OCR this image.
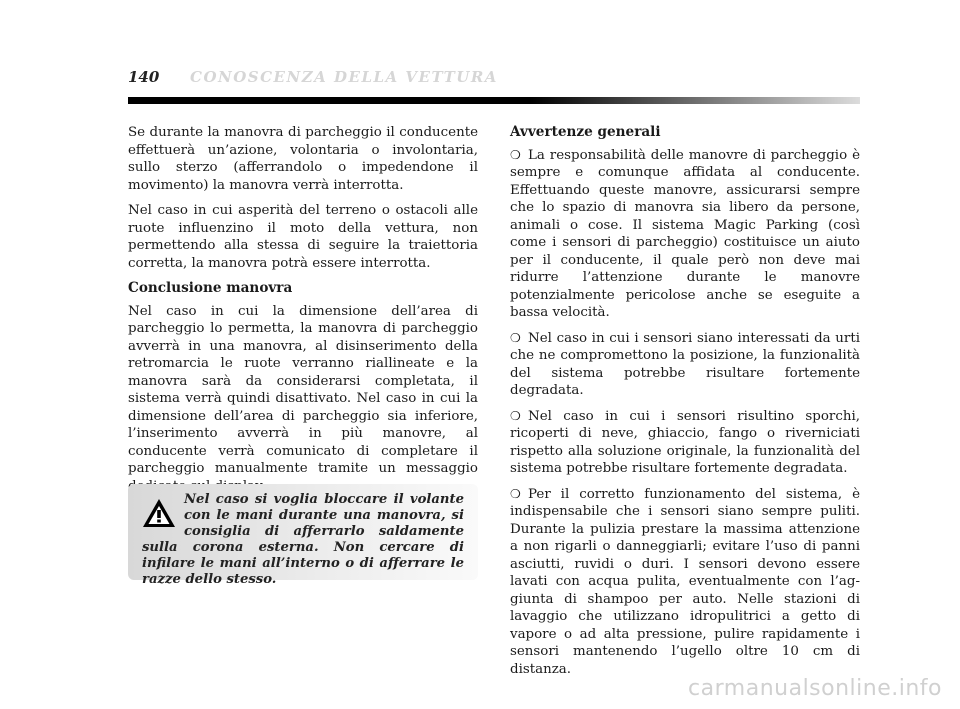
140 CONOSCENZA DELLA VETTURA

Se durante la manovra di parcheggio il conducente effettuerà un’azione, volontaria o involontaria, sullo sterzo (afferrandolo o impedendone il movimento) la manovra verrà interrotta.

Nel caso in cui asperità del terreno o ostacoli alle ruote influenzino il moto della vettura, non permettendo alla stessa di seguire la traiettoria corretta, la manovra potrà essere interrotta.

Conclusione manovra

Nel caso in cui la dimensione dell’area di parcheggio lo permetta, la manovra di parcheggio avverrà in una manovra, al disinserimento della retromarcia le ruote verranno riallineate e la manovra sarà da considerarsi completata, il sistema verrà quindi disattivato. Nel caso in cui la dimensione dell’area di parcheggio sia inferiore, l’inserimento avverrà in più manovre, al conducente verrà comunicato di completare il parcheggio manualmente tramite un messaggio

Nel caso si voglia bloccare il volante con le mani durante una manovra, si consiglia di afferrarlo saldamente sulla corona esterna. Non cercare di infilare le mani all’interno o di afferrare le razze dello stesso.
Avvertenze generali

❍ La responsabilità delle manovre di parcheggio è sempre e comunque affidata al conducente. Effettuando queste manovre, assicurarsi sempre che lo spazio di manovra sia libero da persone, animali o cose. Il sistema Magic Parking (così come i sensori di parcheggio) costituisce un aiuto per il conducente, il quale però non deve mai ridurre l’attenzione durante le manovre potenzialmente pericolose anche se eseguite a bassa velocità.

❍ Nel caso in cui i sensori siano interessati da urti che ne compromettono la posizione, la funzionalità del sistema potrebbe risultare fortemente degradata.

❍ Nel caso in cui i sensori risultino sporchi, ricoperti di neve, ghiaccio, fango o riverniciati rispetto alla soluzione originale, la funzionalità del sistema potrebbe risultare fortemente degradata.

❍ Per il corretto funzionamento del sistema, è indispensabile che i sensori siano sempre puliti. Durante la pulizia prestare la massima attenzione a non rigarli o danneggiarli; evitare l’uso di panni asciutti, ruvidi o duri. I sensori devono essere lavati con acqua pulita, eventualmente con l’aggiunta di shampoo per auto. Nelle stazioni di lavaggio che utilizzano idropulitrici a getto di vapore o ad alta pressione, pulire rapidamente i sensori mantenendo l’ugello oltre 10 cm di distanza.

carmanualsonline.info
